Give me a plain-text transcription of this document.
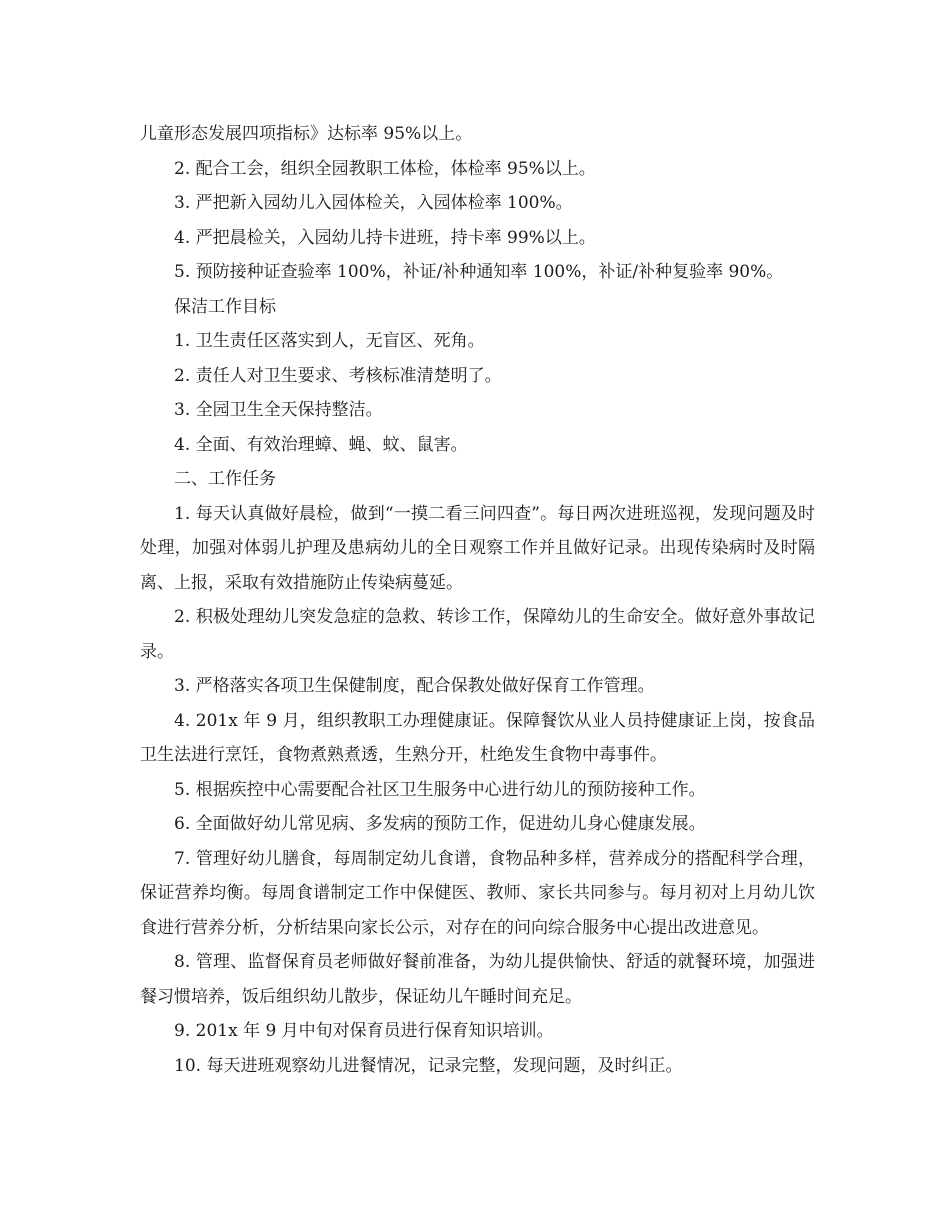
儿童形态发展四项指标》达标率 95%以上。

2. 配合工会，组织全园教职工体检，体检率 95%以上。

3. 严把新入园幼儿入园体检关，入园体检率 100%。

4. 严把晨检关，入园幼儿持卡进班，持卡率 99%以上。

5. 预防接种证查验率 100%，补证/补种通知率 100%，补证/补种复验率 90%。

保洁工作目标

1. 卫生责任区落实到人，无盲区、死角。

2. 责任人对卫生要求、考核标准清楚明了。

3. 全园卫生全天保持整洁。

4. 全面、有效治理蟑、蝇、蚊、鼠害。

二、工作任务

1. 每天认真做好晨检，做到“一摸二看三问四查”。每日两次进班巡视，发现问题及时处理，加强对体弱儿护理及患病幼儿的全日观察工作并且做好记录。出现传染病时及时隔离、上报，采取有效措施防止传染病蔓延。

2. 积极处理幼儿突发急症的急救、转诊工作，保障幼儿的生命安全。做好意外事故记录。

3. 严格落实各项卫生保健制度，配合保教处做好保育工作管理。

4. 201x 年 9 月，组织教职工办理健康证。保障餐饮从业人员持健康证上岗，按食品卫生法进行烹饪，食物煮熟煮透，生熟分开，杜绝发生食物中毒事件。

5. 根据疾控中心需要配合社区卫生服务中心进行幼儿的预防接种工作。

6. 全面做好幼儿常见病、多发病的预防工作，促进幼儿身心健康发展。

7. 管理好幼儿膳食，每周制定幼儿食谱，食物品种多样，营养成分的搭配科学合理，保证营养均衡。每周食谱制定工作中保健医、教师、家长共同参与。每月初对上月幼儿饮食进行营养分析，分析结果向家长公示，对存在的问向综合服务中心提出改进意见。

8. 管理、监督保育员老师做好餐前准备，为幼儿提供愉快、舒适的就餐环境，加强进餐习惯培养，饭后组织幼儿散步，保证幼儿午睡时间充足。

9. 201x 年 9 月中旬对保育员进行保育知识培训。

10. 每天进班观察幼儿进餐情况，记录完整，发现问题，及时纠正。
